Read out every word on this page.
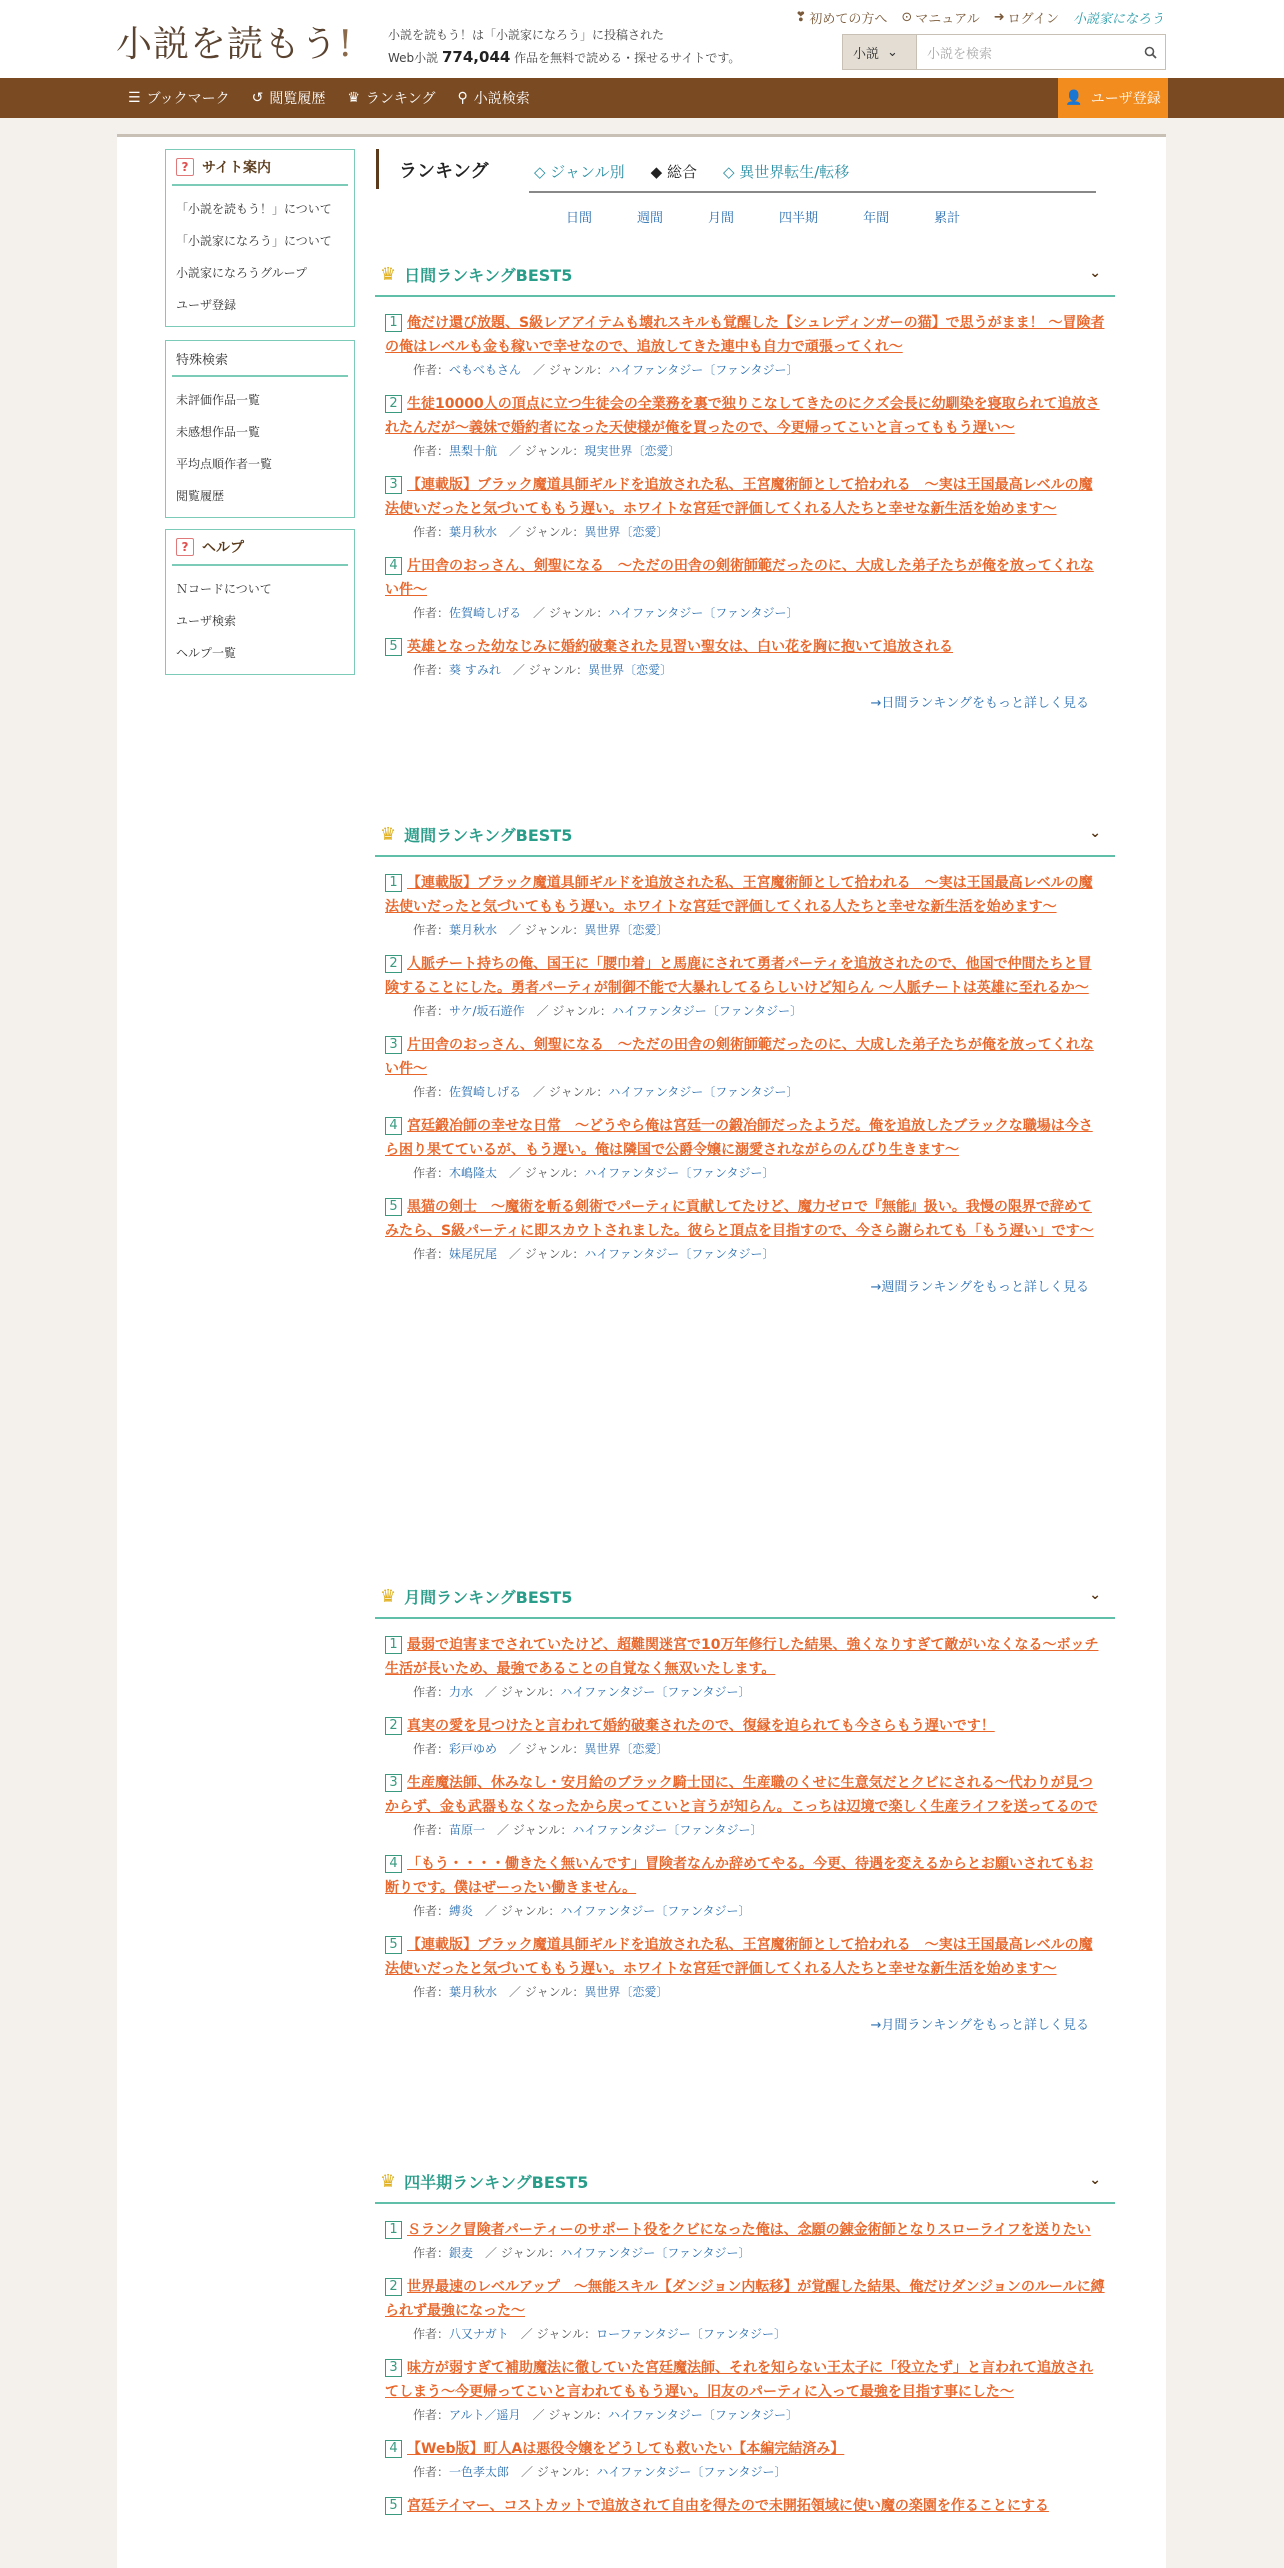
小説を読もう!	小説を読もう！は「小説家になろう」に投稿された
Web小説 774,044 作品を無料で読める・探せるサイトです。
❣ 初めての方へ ⊙ マニュアル ➜ ログイン 小説家になろう
小説 ⌄	小説を検索
☰ ブックマーク ↺ 閲覧履歴 ♛ ランキング ⚲ 小説検索	👤 ユーザ登録
? サイト案内
「小説を読もう！」について
「小説家になろう」について
小説家になろうグループ
ユーザ登録
特殊検索
未評価作品一覧
未感想作品一覧
平均点順作者一覧
閲覧履歴
? ヘルプ
Ｎコードについて
ユーザ検索
ヘルプ一覧
ランキング	◇ ジャンル別 ◆ 総合 ◇ 異世界転生/転移
日間	週間	月間	四半期	年間	累計
♛ 日間ランキングBEST5	⌄
1 俺だけ還び放題、S級レアアイテムも壊れスキルも覚醒した【シュレディンガーの猫】で思うがまま！ ～冒険者の俺はレベルも金も稼いで幸せなので、追放してきた連中も自力で頑張ってくれ～
作者：べもべもさん　 ／ ジャンル：ハイファンタジー〔ファンタジー〕
2 生徒10000人の頂点に立つ生徒会の全業務を裏で独りこなしてきたのにクズ会長に幼馴染を寝取られて追放されたんだが～義妹で婚約者になった天使様が俺を買ったので、今更帰ってこいと言ってももう遅い～
作者：黒梨十航　 ／ ジャンル：現実世界〔恋愛〕
3 【連載版】ブラック魔道具師ギルドを追放された私、王宮魔術師として拾われる　～実は王国最高レベルの魔法使いだったと気づいてももう遅い。ホワイトな宮廷で評価してくれる人たちと幸せな新生活を始めます～
作者：葉月秋水　 ／ ジャンル：異世界〔恋愛〕
4 片田舎のおっさん、剣聖になる　～ただの田舎の剣術師範だったのに、大成した弟子たちが俺を放ってくれない件～
作者：佐賀崎しげる　 ／ ジャンル：ハイファンタジー〔ファンタジー〕
5 英雄となった幼なじみに婚約破棄された見習い聖女は、白い花を胸に抱いて追放される
作者：葵 すみれ　 ／ ジャンル：異世界〔恋愛〕
→日間ランキングをもっと詳しく見る
♛ 週間ランキングBEST5	⌄
1 【連載版】ブラック魔道具師ギルドを追放された私、王宮魔術師として拾われる　～実は王国最高レベルの魔法使いだったと気づいてももう遅い。ホワイトな宮廷で評価してくれる人たちと幸せな新生活を始めます～
作者：葉月秋水　 ／ ジャンル：異世界〔恋愛〕
2 人脈チート持ちの俺、国王に「腰巾着」と馬鹿にされて勇者パーティを追放されたので、他国で仲間たちと冒険することにした。勇者パーティが制御不能で大暴れしてるらしいけど知らん ～人脈チートは英雄に至れるか～
作者：サケ/坂石遊作　 ／ ジャンル：ハイファンタジー〔ファンタジー〕
3 片田舎のおっさん、剣聖になる　～ただの田舎の剣術師範だったのに、大成した弟子たちが俺を放ってくれない件～
作者：佐賀崎しげる　 ／ ジャンル：ハイファンタジー〔ファンタジー〕
4 宮廷鍛冶師の幸せな日常　～どうやら俺は宮廷一の鍛冶師だったようだ。俺を追放したブラックな職場は今さら困り果てているが、もう遅い。俺は隣国で公爵令嬢に溺愛されながらのんびり生きます～
作者：木嶋隆太　 ／ ジャンル：ハイファンタジー〔ファンタジー〕
5 黒猫の剣士　～魔術を斬る剣術でパーティに貢献してたけど、魔力ゼロで『無能』扱い。我慢の限界で辞めてみたら、S級パーティに即スカウトされました。彼らと頂点を目指すので、今さら謝られても「もう遅い」です～
作者：妹尾尻尾　 ／ ジャンル：ハイファンタジー〔ファンタジー〕
→週間ランキングをもっと詳しく見る
♛ 月間ランキングBEST5	⌄
1 最弱で迫害までされていたけど、超難関迷宮で10万年修行した結果、強くなりすぎて敵がいなくなる～ボッチ生活が長いため、最強であることの自覚なく無双いたします。
作者：力水　 ／ ジャンル：ハイファンタジー〔ファンタジー〕
2 真実の愛を見つけたと言われて婚約破棄されたので、復縁を迫られても今さらもう遅いです！
作者：彩戸ゆめ　 ／ ジャンル：異世界〔恋愛〕
3 生産魔法師、休みなし・安月給のブラック騎士団に、生産職のくせに生意気だとクビにされる～代わりが見つからず、金も武器もなくなったから戻ってこいと言うが知らん。こっちは辺境で楽しく生産ライフを送ってるので
作者：苗原一　 ／ ジャンル：ハイファンタジー〔ファンタジー〕
4 「もう・・・・働きたく無いんです」冒険者なんか辞めてやる。今更、待遇を変えるからとお願いされてもお断りです。僕はぜーったい働きません。
作者：縛炎　 ／ ジャンル：ハイファンタジー〔ファンタジー〕
5 【連載版】ブラック魔道具師ギルドを追放された私、王宮魔術師として拾われる　～実は王国最高レベルの魔法使いだったと気づいてももう遅い。ホワイトな宮廷で評価してくれる人たちと幸せな新生活を始めます～
作者：葉月秋水　 ／ ジャンル：異世界〔恋愛〕
→月間ランキングをもっと詳しく見る
♛ 四半期ランキングBEST5	⌄
1 Ｓランク冒険者パーティーのサポート役をクビになった俺は、念願の錬金術師となりスローライフを送りたい
作者：銀麦　 ／ ジャンル：ハイファンタジー〔ファンタジー〕
2 世界最速のレベルアップ　～無能スキル【ダンジョン内転移】が覚醒した結果、俺だけダンジョンのルールに縛られず最強になった～
作者：八又ナガト　 ／ ジャンル：ローファンタジー〔ファンタジー〕
3 味方が弱すぎて補助魔法に徹していた宮廷魔法師、それを知らない王太子に「役立たず」と言われて追放されてしまう～今更帰ってこいと言われてももう遅い。旧友のパーティに入って最強を目指す事にした～
作者：アルト／遥月　 ／ ジャンル：ハイファンタジー〔ファンタジー〕
4 【Web版】町人Aは悪役令嬢をどうしても救いたい【本編完結済み】
作者：一色孝太郎　 ／ ジャンル：ハイファンタジー〔ファンタジー〕
5 宮廷テイマー、コストカットで追放されて自由を得たので未開拓領域に使い魔の楽園を作ることにする
